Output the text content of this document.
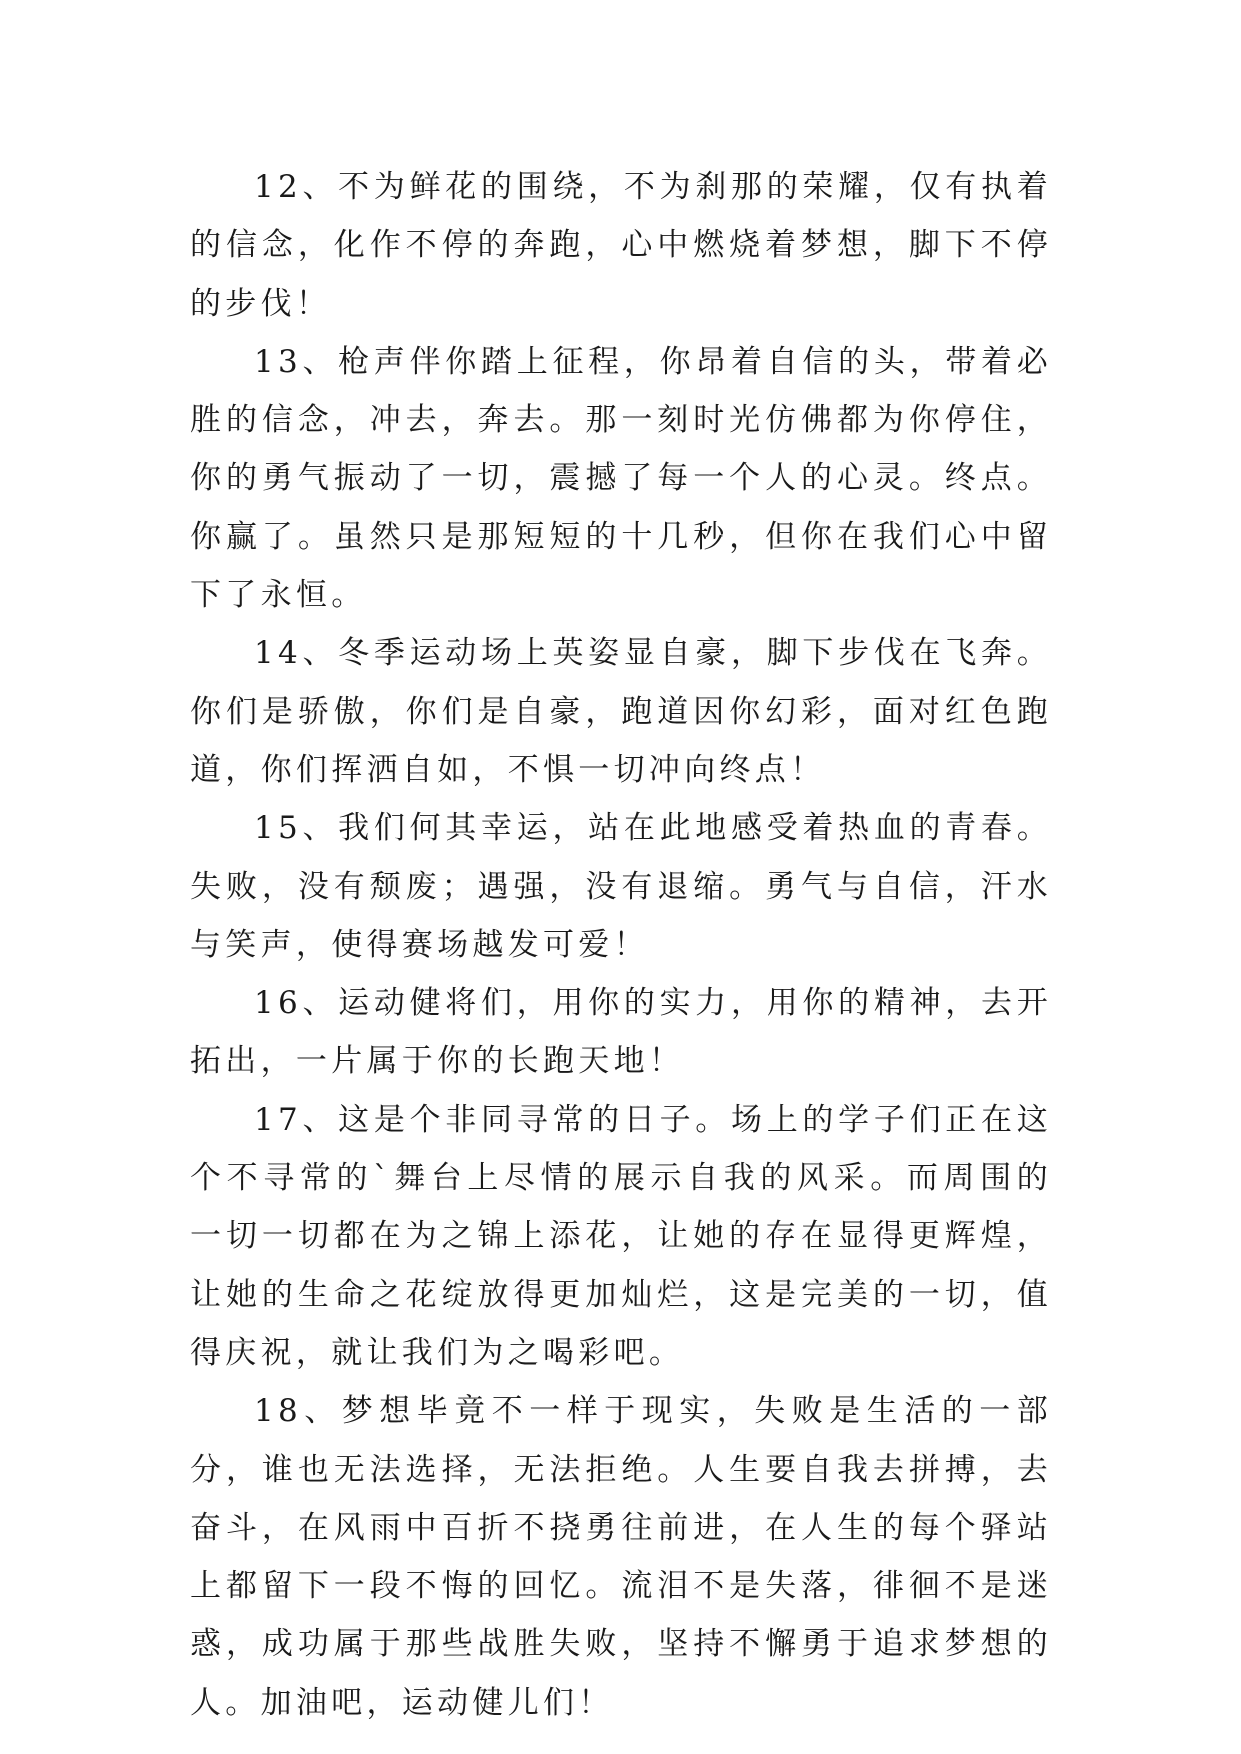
12、不为鲜花的围绕，不为刹那的荣耀，仅有执着的信念，化作不停的奔跑，心中燃烧着梦想，脚下不停的步伐！

13、枪声伴你踏上征程，你昂着自信的头，带着必胜的信念，冲去，奔去。那一刻时光仿佛都为你停住，你的勇气振动了一切，震撼了每一个人的心灵。终点。你赢了。虽然只是那短短的十几秒，但你在我们心中留下了永恒。

14、冬季运动场上英姿显自豪，脚下步伐在飞奔。你们是骄傲，你们是自豪，跑道因你幻彩，面对红色跑道，你们挥洒自如，不惧一切冲向终点！

15、我们何其幸运，站在此地感受着热血的青春。失败，没有颓废；遇强，没有退缩。勇气与自信，汗水与笑声，使得赛场越发可爱！

16、运动健将们，用你的实力，用你的精神，去开拓出，一片属于你的长跑天地！

17、这是个非同寻常的日子。场上的学子们正在这个不寻常的`舞台上尽情的展示自我的风采。而周围的一切一切都在为之锦上添花，让她的存在显得更辉煌，让她的生命之花绽放得更加灿烂，这是完美的一切，值得庆祝，就让我们为之喝彩吧。

18、梦想毕竟不一样于现实，失败是生活的一部分，谁也无法选择，无法拒绝。人生要自我去拼搏，去奋斗，在风雨中百折不挠勇往前进，在人生的每个驿站上都留下一段不悔的回忆。流泪不是失落，徘徊不是迷惑，成功属于那些战胜失败，坚持不懈勇于追求梦想的人。加油吧，运动健儿们！
